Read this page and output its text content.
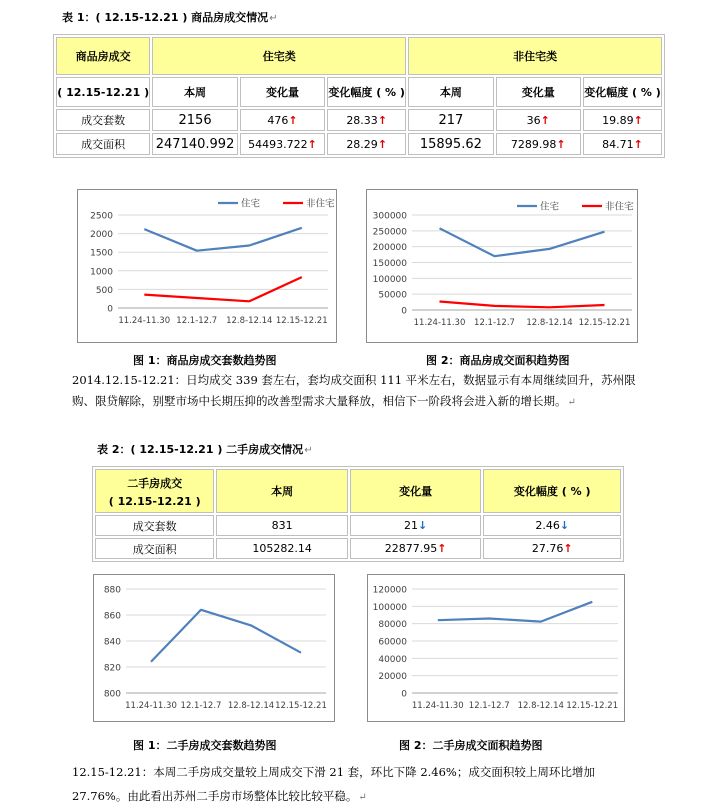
表 1：( 12.15-12.21 ) 商品房成交情况↵
商品房成交	住宅类			非住宅类		
( 12.15-12.21 )	本周	变化量	变化幅度 ( % )	本周	变化量	变化幅度 ( % )
成交套数	2156	476↑	28.33↑	217	36↑	19.89↑
成交面积	247140.992	54493.722↑	28.29↑	15895.62	7289.98↑	84.71↑
0
500
1000
1500
2000
2500
11.24-11.30 12.1-12.7 12.8-12.14 12.15-12.21
住宅	非住宅
0
50000
100000
150000
200000
250000
300000
11.24-11.30 12.1-12.7 12.8-12.14 12.15-12.21
住宅	非住宅
图 1：商品房成交套数趋势图	图 2：商品房成交面积趋势图
2014.12.15-12.21：日均成交 339 套左右，套均成交面积 111 平米左右，数据显示有本周继续回升，苏州限购、限贷解除，别墅市场中长期压抑的改善型需求大量释放，相信下一阶段将会进入新的增长期。↵
表 2：( 12.15-12.21 ) 二手房成交情况↵
二手房成交
( 12.15-12.21 )	本周	变化量	变化幅度 ( % )
成交套数	831	21↓	2.46↓
成交面积	105282.14	22877.95↑	27.76↑
800
820
840
860
880
11.24-11.30 12.1-12.7 12.8-12.14 12.15-12.21
0
20000
40000
60000
80000
100000
120000
11.24-11.30 12.1-12.7 12.8-12.14 12.15-12.21
图 1：二手房成交套数趋势图	图 2：二手房成交面积趋势图
12.15-12.21：本周二手房成交量较上周成交下滑 21 套，环比下降 2.46%；成交面积较上周环比增加 27.76%。由此看出苏州二手房市场整体比较比较平稳。↵
